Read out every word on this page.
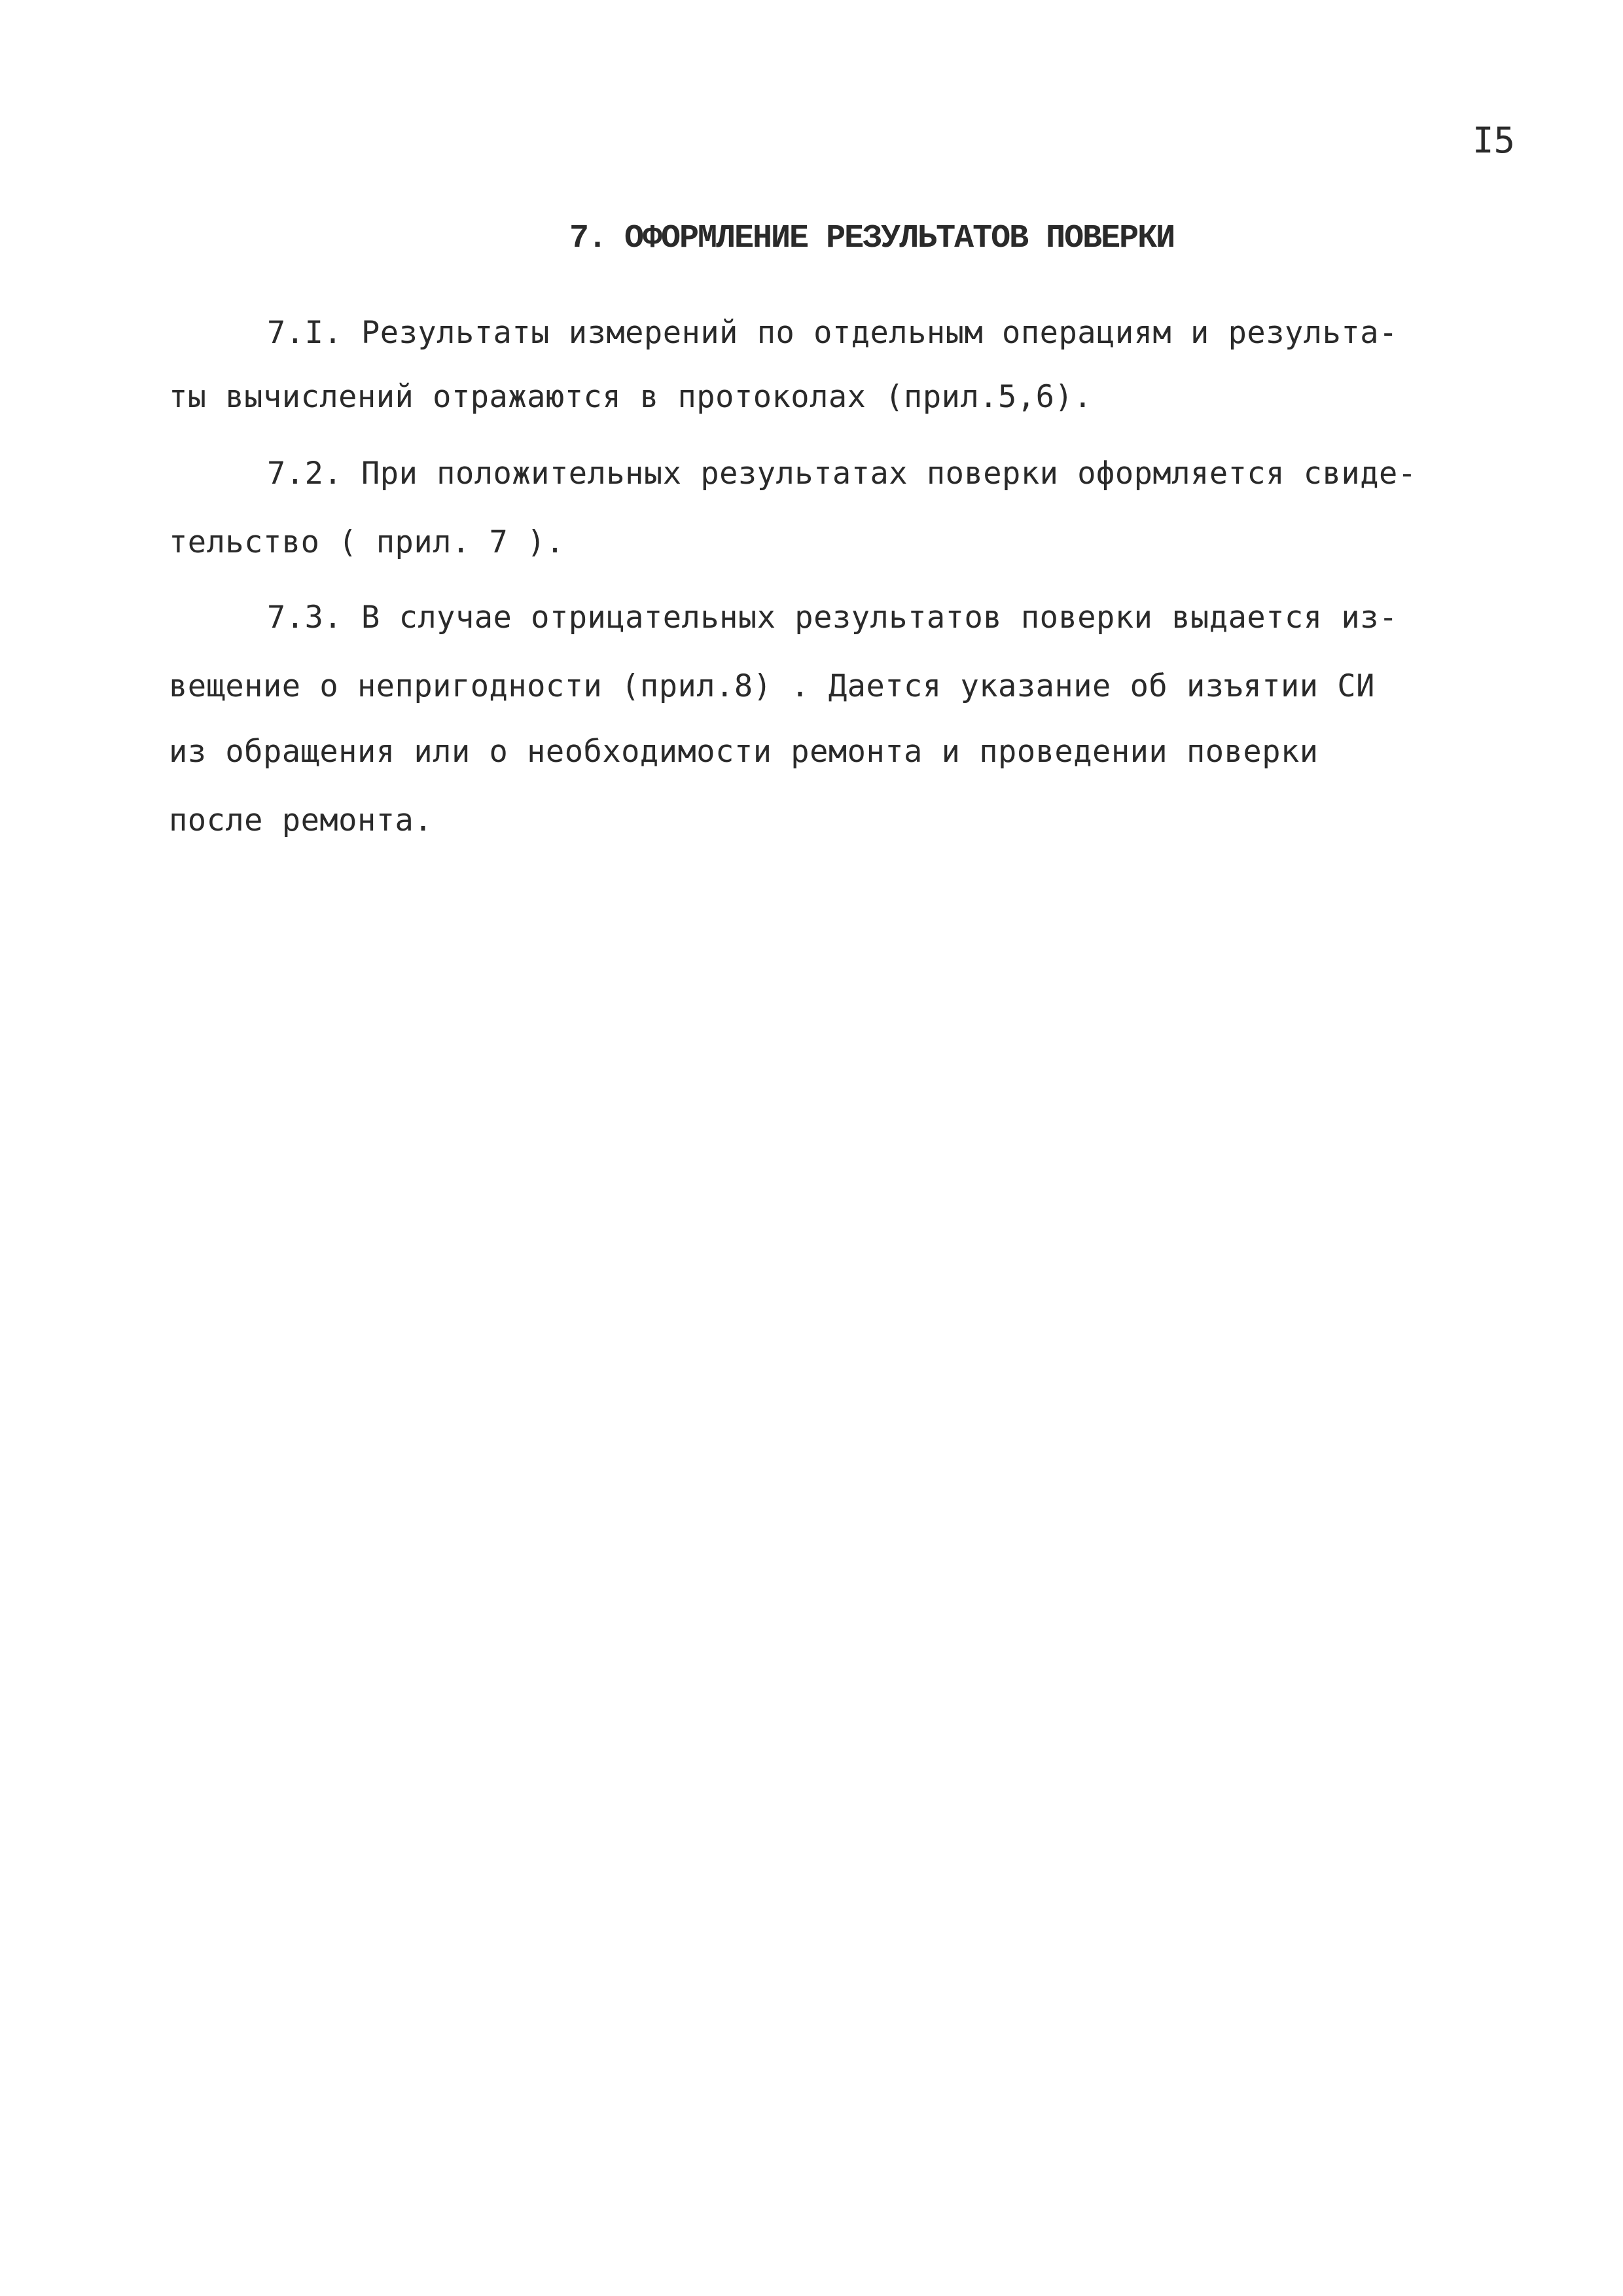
I5
7. ОФОРМЛЕНИЕ РЕЗУЛЬТАТОВ ПОВЕРКИ
7.I. Результаты измерений по отдельным операциям и результа-
ты вычислений отражаются в протоколах (прил.5,6).
7.2. При положительных результатах поверки оформляется свиде-
тельство ( прил. 7 ).
7.3. В случае отрицательных результатов поверки выдается из-
вещение о непригодности (прил.8) . Дается указание об изъятии СИ
из обращения или о необходимости ремонта и проведении поверки
после ремонта.
